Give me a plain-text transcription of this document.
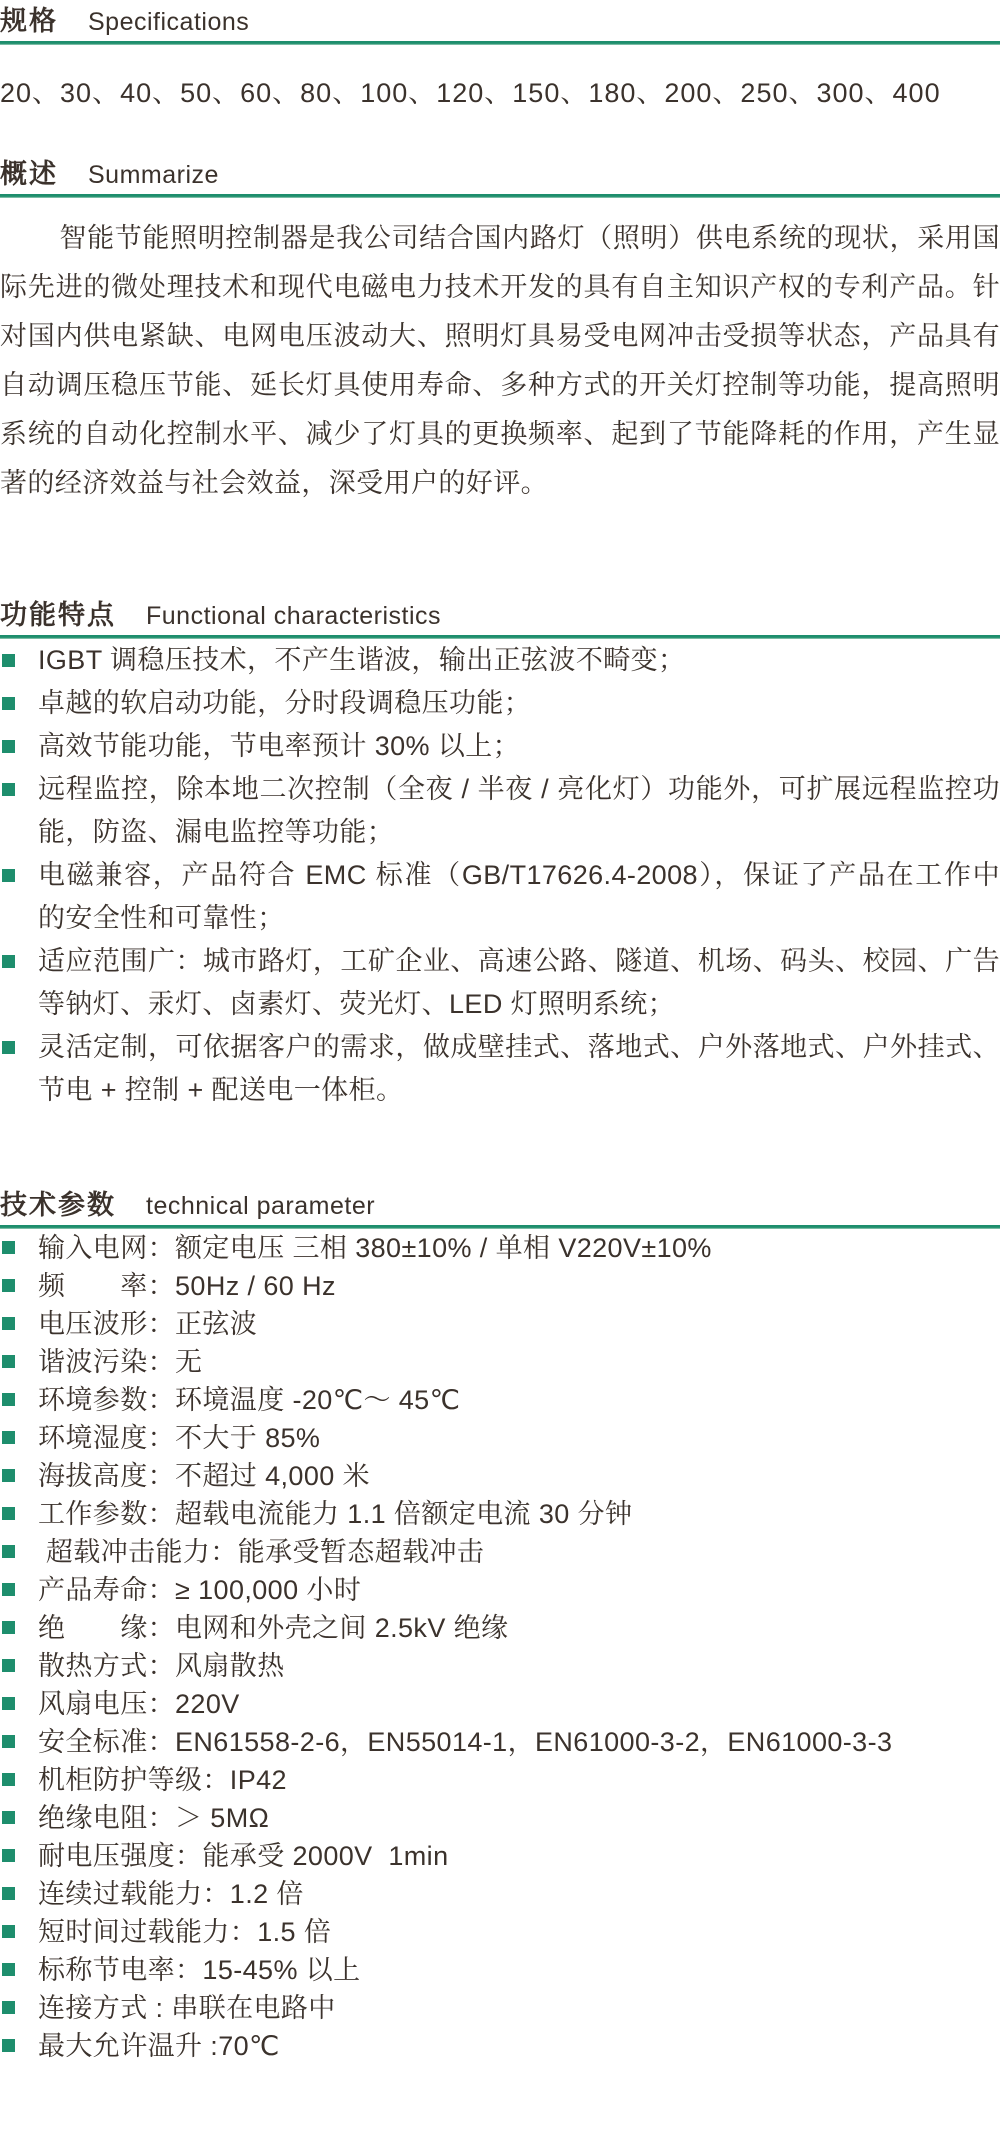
规格 Specifications

20、30、40、50、60、80、100、120、150、180、200、250、300、400

概述 Summarize

智能节能照明控制器是我公司结合国内路灯（照明）供电系统的现状，采用国际先进的微处理技术和现代电磁电力技术开发的具有自主知识产权的专利产品。针对国内供电紧缺、电网电压波动大、照明灯具易受电网冲击受损等状态，产品具有自动调压稳压节能、延长灯具使用寿命、多种方式的开关灯控制等功能，提高照明系统的自动化控制水平、减少了灯具的更换频率、起到了节能降耗的作用，产生显著的经济效益与社会效益，深受用户的好评。

功能特点 Functional characteristics
IGBT 调稳压技术，不产生谐波，输出正弦波不畸变；
卓越的软启动功能，分时段调稳压功能；
高效节能功能，节电率预计 30% 以上；
远程监控，除本地二次控制（全夜 / 半夜 / 亮化灯）功能外，可扩展远程监控功能，防盗、漏电监控等功能；
电磁兼容，产品符合 EMC 标准（GB/T17626.4-2008），保证了产品在工作中 的安全性和可靠性；
适应范围广：城市路灯，工矿企业、高速公路、隧道、机场、码头、校园、广告等钠灯、汞灯、卤素灯、荧光灯、LED 灯照明系统；
灵活定制，可依据客户的需求，做成壁挂式、落地式、户外落地式、户外挂式、节电 + 控制 + 配送电一体柜。
技术参数 technical parameter
输入电网：额定电压 三相 380±10% / 单相 V220V±10%
频　　率：50Hz / 60 Hz
电压波形：正弦波
谐波污染：无
环境参数：环境温度 -20℃～ 45℃
环境湿度：不大于 85%
海拔高度：不超过 4,000 米
工作参数：超载电流能力 1.1 倍额定电流 30 分钟
超载冲击能力：能承受暂态超载冲击
产品寿命：≥ 100,000 小时
绝　　缘：电网和外壳之间 2.5kV 绝缘
散热方式：风扇散热
风扇电压：220V
安全标准：EN61558-2-6，EN55014-1，EN61000-3-2，EN61000-3-3
机柜防护等级：IP42
绝缘电阻：＞ 5MΩ
耐电压强度：能承受 2000V  1min
连续过载能力：1.2 倍
短时间过载能力：1.5 倍
标称节电率：15-45% 以上
连接方式 : 串联在电路中
最大允许温升 :70℃
